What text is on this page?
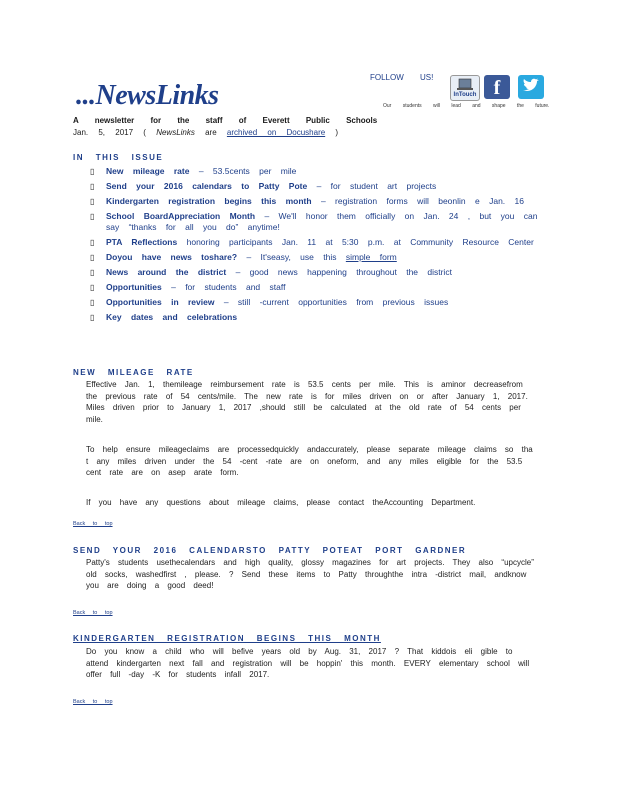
...NewsLinks
FOLLOW US!
Our students will lead and shape the future.
InTouch f
A newsletter for the staff of Everett Public Schools
Jan. 5, 2017 ( NewsLinks are archived on Docushare )
IN THIS ISSUE
▯ New mileage rate – 53.5cents per mile
▯ Send your 2016 calendars to Patty Pote – for student art projects
▯ Kindergarten registration begins this month – registration forms will beonlin e Jan. 16
▯ School BoardAppreciation Month – We'll honor them officially on Jan. 24 , but you can say “thanks for all you do” anytime!
▯ PTA Reflections honoring participants Jan. 11 at 5:30 p.m. at Community Resource Center
▯ Doyou have news toshare? – It'seasy, use this simple form
▯ News around the district – good news happening throughout the district
▯ Opportunities – for students and staff
▯ Opportunities in review – still -current opportunities from previous issues
▯ Key dates and celebrations
NEW MILEAGE RATE
Effective Jan. 1, themileage reimbursement rate is 53.5 cents per mile. This is aminor decreasefrom the previous rate of 54 cents/mile. The new rate is for miles driven on or after January 1, 2017. Miles driven prior to January 1, 2017 ,should still be calculated at the old rate of 54 cents per mile.
To help ensure mileageclaims are processedquickly andaccurately, please separate mileage claims so tha t any miles driven under the 54 -cent -rate are on oneform, and any miles eligible for the 53.5 cent rate are on asep arate form.
If you have any questions about mileage claims, please contact theAccounting Department.
Back to top
SEND YOUR 2016 CALENDARSTO PATTY POTEAT PORT GARDNER
Patty's students usethecalendars and high quality, glossy magazines for art projects. They also “upcycle” old socks, washedfirst , please. ? Send these items to Patty throughthe intra -district mail, andknow you are doing a good deed!
Back to top
KINDERGARTEN REGISTRATION BEGINS THIS MONTH
Do you know a child who will befive years old by Aug. 31, 2017 ? That kiddois eli gible to attend kindergarten next fall and registration will be hoppin' this month. EVERY elementary school will offer full -day -K for students infall 2017.
Back to top
